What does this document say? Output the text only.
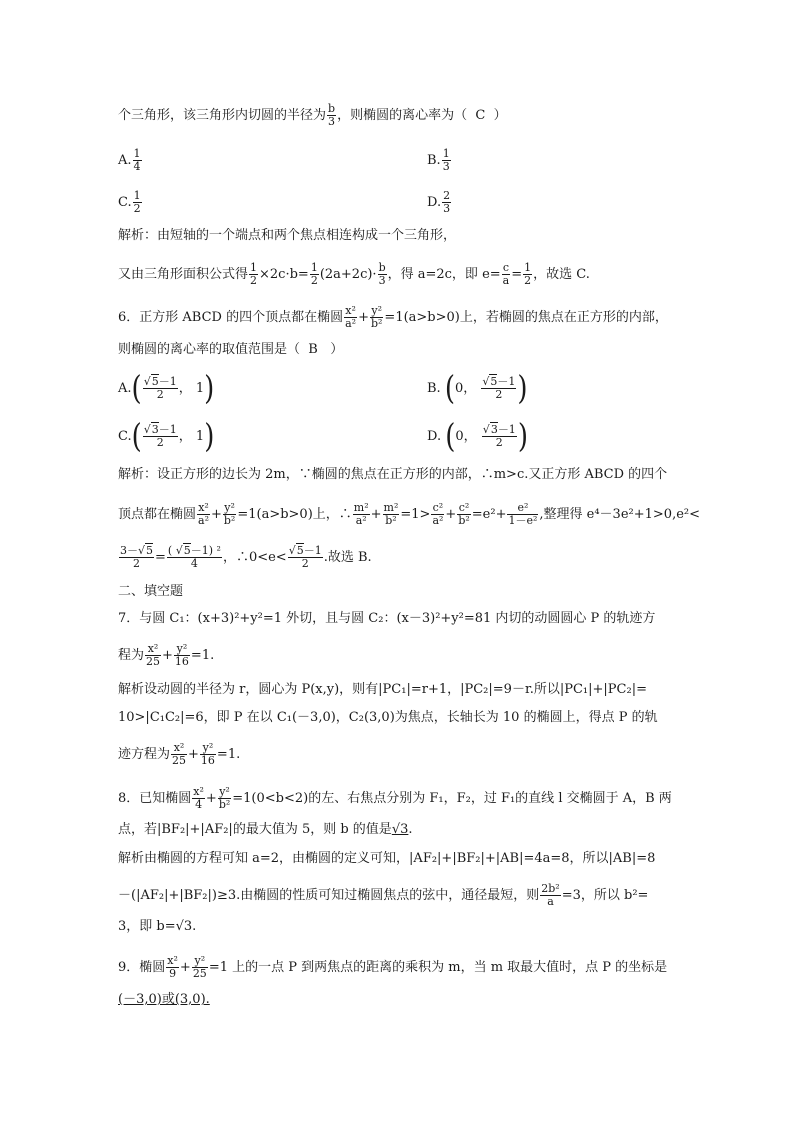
个三角形，该三角形内切圆的半径为 $\frac{b}{3}$ ，则椭圆的离心率为（ C ）
A. $\frac{1}{4}$	B. $\frac{1}{3}$
C. $\frac{1}{2}$	D. $\frac{2}{3}$
解析：由短轴的一个端点和两个焦点相连构成一个三角形，
又由三角形面积公式得 $\frac{1}{2} \times 2c\cdot b= \frac{1}{2} (2a+2c)\cdot \frac{b}{3}$ ，得 a=2c，即 $e= \frac{c}{a} = \frac{1}{2}$ ，故选 C.
6．正方形 ABCD 的四个顶点都在椭圆 $\frac{\text{x²}}{\text{a²}} + \frac{\text{y²}}{\text{b²}} =1(a>b>0)$上，若椭圆的焦点在正方形的内部，
则椭圆的离心率的取值范围是（ B ）
$A.( \frac{√5-1}{2}$ ， 1)	B. (0， $\frac{√5-1}{2}$ )
$C.( \frac{√3-1}{2}$ ， 1)	D. (0， $\frac{√3-1}{2}$ )
解析：设正方形的边长为 2m，∵椭圆的焦点在正方形的内部，∴m>c.又正方形 ABCD 的四个
顶点都在椭圆 $\frac{\text{x²}}{\text{a²}} + \frac{\text{y²}}{\text{b²}} =1(a>b>0)$上，∴ $\frac{\text{m²}}{\text{a²}} + \frac{\text{m²}}{\text{b²}} =1> \frac{\text{c²}}{\text{a²}} + \frac{\text{c²}}{\text{b²}} =e^2+ \frac{\text{e²}}{\text{1－e²}}$ ,整理得 e⁴－3e²+1>0,e²<
$\frac{3-√5}{2} = \frac{\text{( √5－1) ²}}{4}$ ，∴0<e< $\frac{√5-1}{2}$ .故选 B.
二、填空题
7．与圆 C₁：(x+3)²+y²=1 外切，且与圆 C₂：(x－3)²+y²=81 内切的动圆圆心 P 的轨迹方
程为 $\frac{\text{x²}}{25} + \frac{\text{y²}}{16} =1$.
解析设动圆的半径为 r，圆心为 P(x,y)，则有|PC₁|=r+1，|PC₂|=9－r.所以|PC₁|+|PC₂|=
10>|C₁C₂|=6，即 P 在以 C₁(－3,0)，C₂(3,0)为焦点，长轴长为 10 的椭圆上，得点 P 的轨
迹方程为 $\frac{\text{x²}}{25} + \frac{\text{y²}}{16} =1$.
8．已知椭圆 $\frac{\text{x²}}{4} + \frac{\text{y²}}{\text{b²}} =1(0<b<2)$的左、右焦点分别为 F₁，F₂，过 F₁的直线 l 交椭圆于 A，B 两
点，若|BF₂|+|AF₂|的最大值为 5，则 b 的值是√3.
解析由椭圆的方程可知 a=2，由椭圆的定义可知，|AF₂|+|BF₂|+|AB|=4a=8，所以|AB|=8
－(|AF₂|+|BF₂|)≥3.由椭圆的性质可知过椭圆焦点的弦中，通径最短，则 $\frac{\text{2b²}}{a} =3$，所以 b²=
3，即 b=√3.
9．椭圆 $\frac{\text{x²}}{9} + \frac{\text{y²}}{25} =1$ 上的一点 P 到两焦点的距离的乘积为 m，当 m 取最大值时，点 P 的坐标是
(－3,0)或(3,0).
